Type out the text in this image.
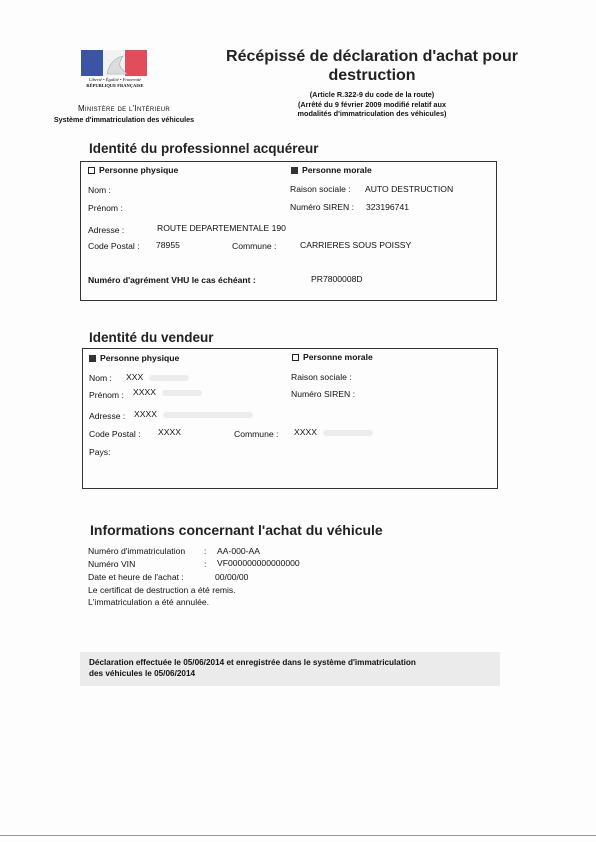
Liberté • Égalité • Fraternité
RÉPUBLIQUE FRANÇAISE
Ministère de l'Intérieur
Système d'immatriculation des véhicules
Récépissé de déclaration d'achat pour
destruction
(Article R.322-9 du code de la route)
(Arrêté du 9 février 2009 modifié relatif aux
modalités d'immatriculation des véhicules)
Identité du professionnel acquéreur
Personne physique	Personne morale
Nom :
Prénom :
Raison sociale : AUTO DESTRUCTION
Numéro SIREN : 323196741
Adresse :	ROUTE DEPARTEMENTALE 190
Code Postal : 78955	Commune :	CARRIERES SOUS POISSY
Numéro d'agrément VHU le cas échéant :	PR7800008D
Identité du vendeur
Personne physique	Personne morale
Nom : XXX
Prénom : XXXX
Raison sociale :
Numéro SIREN :
Adresse : XXXX
Code Postal : XXXX	Commune : XXXX
Pays:
Informations concernant l'achat du véhicule
Numéro d'immatriculation : AA-000-AA
Numéro VIN	: VF000000000000000
Date et heure de l'achat :	00/00/00
Le certificat de destruction a été remis.
L'immatriculation a été annulée.
Déclaration effectuée le 05/06/2014 et enregistrée dans le système d'immatriculation
des véhicules le 05/06/2014
